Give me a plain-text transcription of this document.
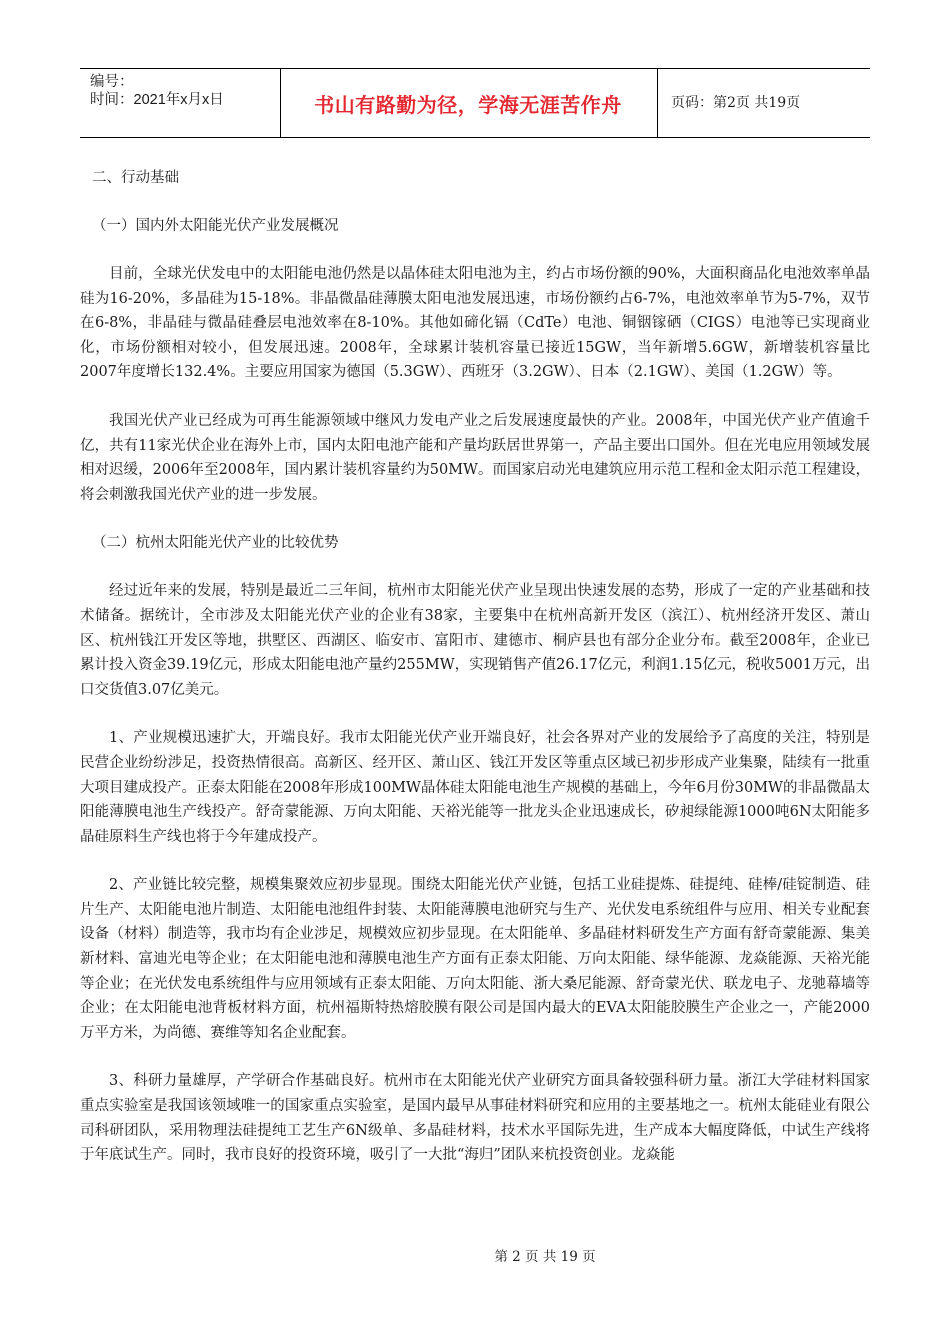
编号：
时间：2021年x月x日	书山有路勤为径，学海无涯苦作舟	页码：第2页 共19页
二、行动基础
（一）国内外太阳能光伏产业发展概况

目前，全球光伏发电中的太阳能电池仍然是以晶体硅太阳电池为主，约占市场份额的90%，大面积商品化电池效率单晶硅为16-20%，多晶硅为15-18%。非晶微晶硅薄膜太阳电池发展迅速，市场份额约占6-7%，电池效率单节为5-7%，双节在6-8%，非晶硅与微晶硅叠层电池效率在8-10%。其他如碲化镉（CdTe）电池、铜铟镓硒（CIGS）电池等已实现商业化，市场份额相对较小，但发展迅速。2008年，全球累计装机容量已接近15GW，当年新增5.6GW，新增装机容量比2007年度增长132.4%。主要应用国家为德国（5.3GW）、西班牙（3.2GW）、日本（2.1GW）、美国（1.2GW）等。

我国光伏产业已经成为可再生能源领域中继风力发电产业之后发展速度最快的产业。2008年，中国光伏产业产值逾千亿，共有11家光伏企业在海外上市，国内太阳电池产能和产量均跃居世界第一，产品主要出口国外。但在光电应用领域发展相对迟缓，2006年至2008年，国内累计装机容量约为50MW。而国家启动光电建筑应用示范工程和金太阳示范工程建设，将会刺激我国光伏产业的进一步发展。

（二）杭州太阳能光伏产业的比较优势

经过近年来的发展，特别是最近二三年间，杭州市太阳能光伏产业呈现出快速发展的态势，形成了一定的产业基础和技术储备。据统计，全市涉及太阳能光伏产业的企业有38家，主要集中在杭州高新开发区（滨江）、杭州经济开发区、萧山区、杭州钱江开发区等地，拱墅区、西湖区、临安市、富阳市、建德市、桐庐县也有部分企业分布。截至2008年，企业已累计投入资金39.19亿元，形成太阳能电池产量约255MW，实现销售产值26.17亿元，利润1.15亿元，税收5001万元，出口交货值3.07亿美元。

1、产业规模迅速扩大，开端良好。我市太阳能光伏产业开端良好，社会各界对产业的发展给予了高度的关注，特别是民营企业纷纷涉足，投资热情很高。高新区、经开区、萧山区、钱江开发区等重点区域已初步形成产业集聚，陆续有一批重大项目建成投产。正泰太阳能在2008年形成100MW晶体硅太阳能电池生产规模的基础上，今年6月份30MW的非晶微晶太阳能薄膜电池生产线投产。舒奇蒙能源、万向太阳能、天裕光能等一批龙头企业迅速成长，矽昶绿能源1000吨6N太阳能多晶硅原料生产线也将于今年建成投产。

2、产业链比较完整，规模集聚效应初步显现。围绕太阳能光伏产业链，包括工业硅提炼、硅提纯、硅棒/硅锭制造、硅片生产、太阳能电池片制造、太阳能电池组件封装、太阳能薄膜电池研究与生产、光伏发电系统组件与应用、相关专业配套设备（材料）制造等，我市均有企业涉足，规模效应初步显现。在太阳能单、多晶硅材料研发生产方面有舒奇蒙能源、集美新材料、富迪光电等企业；在太阳能电池和薄膜电池生产方面有正泰太阳能、万向太阳能、绿华能源、龙焱能源、天裕光能等企业；在光伏发电系统组件与应用领域有正泰太阳能、万向太阳能、浙大桑尼能源、舒奇蒙光伏、联龙电子、龙驰幕墙等企业；在太阳能电池背板材料方面，杭州福斯特热熔胶膜有限公司是国内最大的EVA太阳能胶膜生产企业之一，产能2000万平方米，为尚德、赛维等知名企业配套。

3、科研力量雄厚，产学研合作基础良好。杭州市在太阳能光伏产业研究方面具备较强科研力量。浙江大学硅材料国家重点实验室是我国该领域唯一的国家重点实验室，是国内最早从事硅材料研究和应用的主要基地之一。杭州太能硅业有限公司科研团队，采用物理法硅提纯工艺生产6N级单、多晶硅材料，技术水平国际先进，生产成本大幅度降低，中试生产线将于年底试生产。同时，我市良好的投资环境，吸引了一大批“海归”团队来杭投资创业。龙焱能

第 2 页 共 19 页
